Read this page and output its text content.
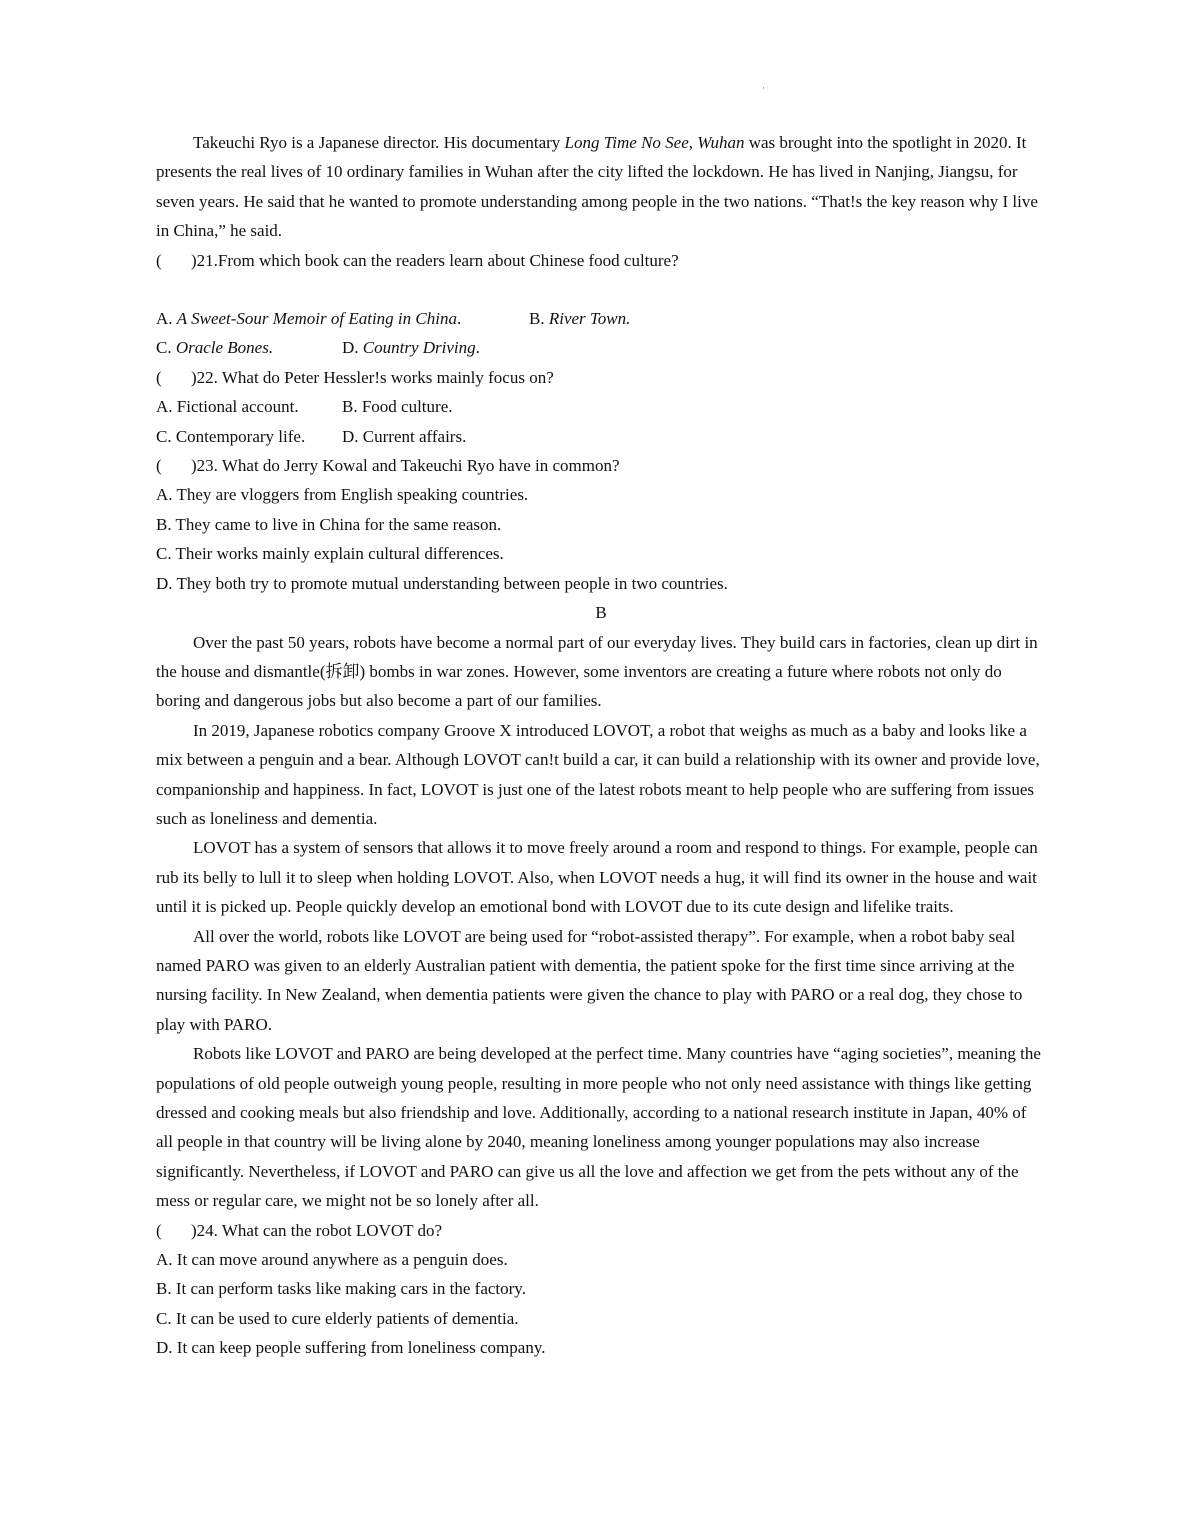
·

Takeuchi Ryo is a Japanese director. His documentary Long Time No See, Wuhan was brought into the spotlight in 2020. It presents the real lives of 10 ordinary families in Wuhan after the city lifted the lockdown. He has lived in Nanjing, Jiangsu, for seven years. He said that he wanted to promote understanding among people in the two nations. “That!s the key reason why I live in China,” he said.

( )21.From which book can the readers learn about Chinese food culture?

A. A Sweet-Sour Memoir of Eating in China.	B. River Town.

C. Oracle Bones.	D. Country Driving.

( )22. What do Peter Hessler!s works mainly focus on?

A. Fictional account.	B. Food culture.

C. Contemporary life. D. Current affairs.

( )23. What do Jerry Kowal and Takeuchi Ryo have in common?

A. They are vloggers from English speaking countries.

B. They came to live in China for the same reason.

C. Their works mainly explain cultural differences.

D. They both try to promote mutual understanding between people in two countries.

B

Over the past 50 years, robots have become a normal part of our everyday lives. They build cars in factories, clean up dirt in the house and dismantle(拆卸) bombs in war zones. However, some inventors are creating a future where robots not only do boring and dangerous jobs but also become a part of our families.

In 2019, Japanese robotics company Groove X introduced LOVOT, a robot that weighs as much as a baby and looks like a mix between a penguin and a bear. Although LOVOT can!t build a car, it can build a relationship with its owner and provide love, companionship and happiness. In fact, LOVOT is just one of the latest robots meant to help people who are suffering from issues such as loneliness and dementia.

LOVOT has a system of sensors that allows it to move freely around a room and respond to things. For example, people can rub its belly to lull it to sleep when holding LOVOT. Also, when LOVOT needs a hug, it will find its owner in the house and wait until it is picked up. People quickly develop an emotional bond with LOVOT due to its cute design and lifelike traits.

All over the world, robots like LOVOT are being used for “robot-assisted therapy”. For example, when a robot baby seal named PARO was given to an elderly Australian patient with dementia, the patient spoke for the first time since arriving at the nursing facility. In New Zealand, when dementia patients were given the chance to play with PARO or a real dog, they chose to play with PARO.

Robots like LOVOT and PARO are being developed at the perfect time. Many countries have “aging societies”, meaning the populations of old people outweigh young people, resulting in more people who not only need assistance with things like getting dressed and cooking meals but also friendship and love. Additionally, according to a national research institute in Japan, 40% of all people in that country will be living alone by 2040, meaning loneliness among younger populations may also increase significantly. Nevertheless, if LOVOT and PARO can give us all the love and affection we get from the pets without any of the mess or regular care, we might not be so lonely after all.

( )24. What can the robot LOVOT do?

A. It can move around anywhere as a penguin does.

B. It can perform tasks like making cars in the factory.

C. It can be used to cure elderly patients of dementia.

D. It can keep people suffering from loneliness company.
